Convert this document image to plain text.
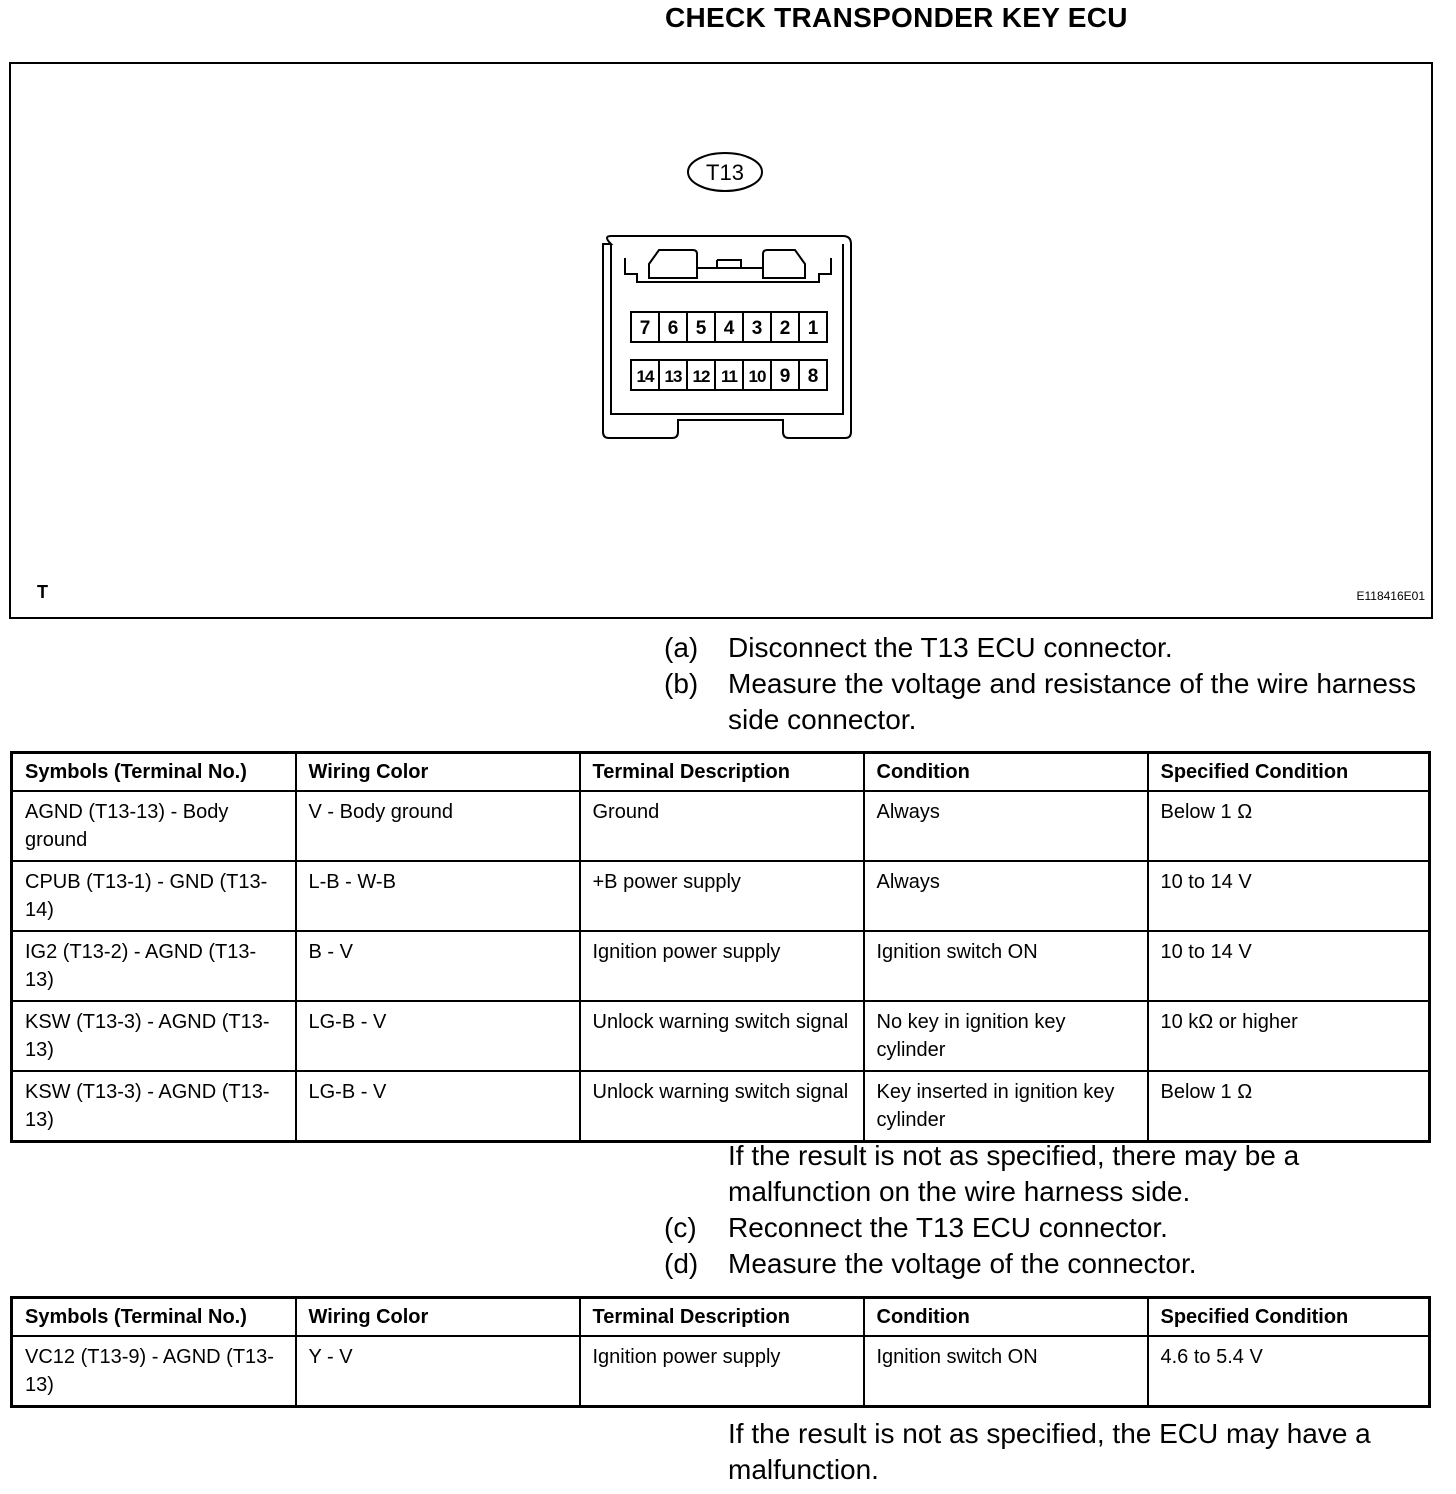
CHECK TRANSPONDER KEY ECU
T13
7 6 5 4 3 2 1
14 13 12 11 10 9 8
T	E118416E01
(a) Disconnect the T13 ECU connector.
(b) Measure the voltage and resistance of the wire harness side connector.
Symbols (Terminal No.)	Wiring Color	Terminal Description	Condition	Specified Condition
AGND (T13-13) - Body ground	V - Body ground	Ground	Always	Below 1 Ω
CPUB (T13-1) - GND (T13-14)	L-B - W-B	+B power supply	Always	10 to 14 V
IG2 (T13-2) - AGND (T13-13)	B - V	Ignition power supply	Ignition switch ON	10 to 14 V
KSW (T13-3) - AGND (T13-13)	LG-B - V	Unlock warning switch signal	No key in ignition key cylinder	10 kΩ or higher
KSW (T13-3) - AGND (T13-13)	LG-B - V	Unlock warning switch signal	Key inserted in ignition key cylinder	Below 1 Ω
If the result is not as specified, there may be a malfunction on the wire harness side.
(c) Reconnect the T13 ECU connector.
(d) Measure the voltage of the connector.
Symbols (Terminal No.)	Wiring Color	Terminal Description	Condition	Specified Condition
VC12 (T13-9) - AGND (T13-13)	Y - V	Ignition power supply	Ignition switch ON	4.6 to 5.4 V
If the result is not as specified, the ECU may have a malfunction.
